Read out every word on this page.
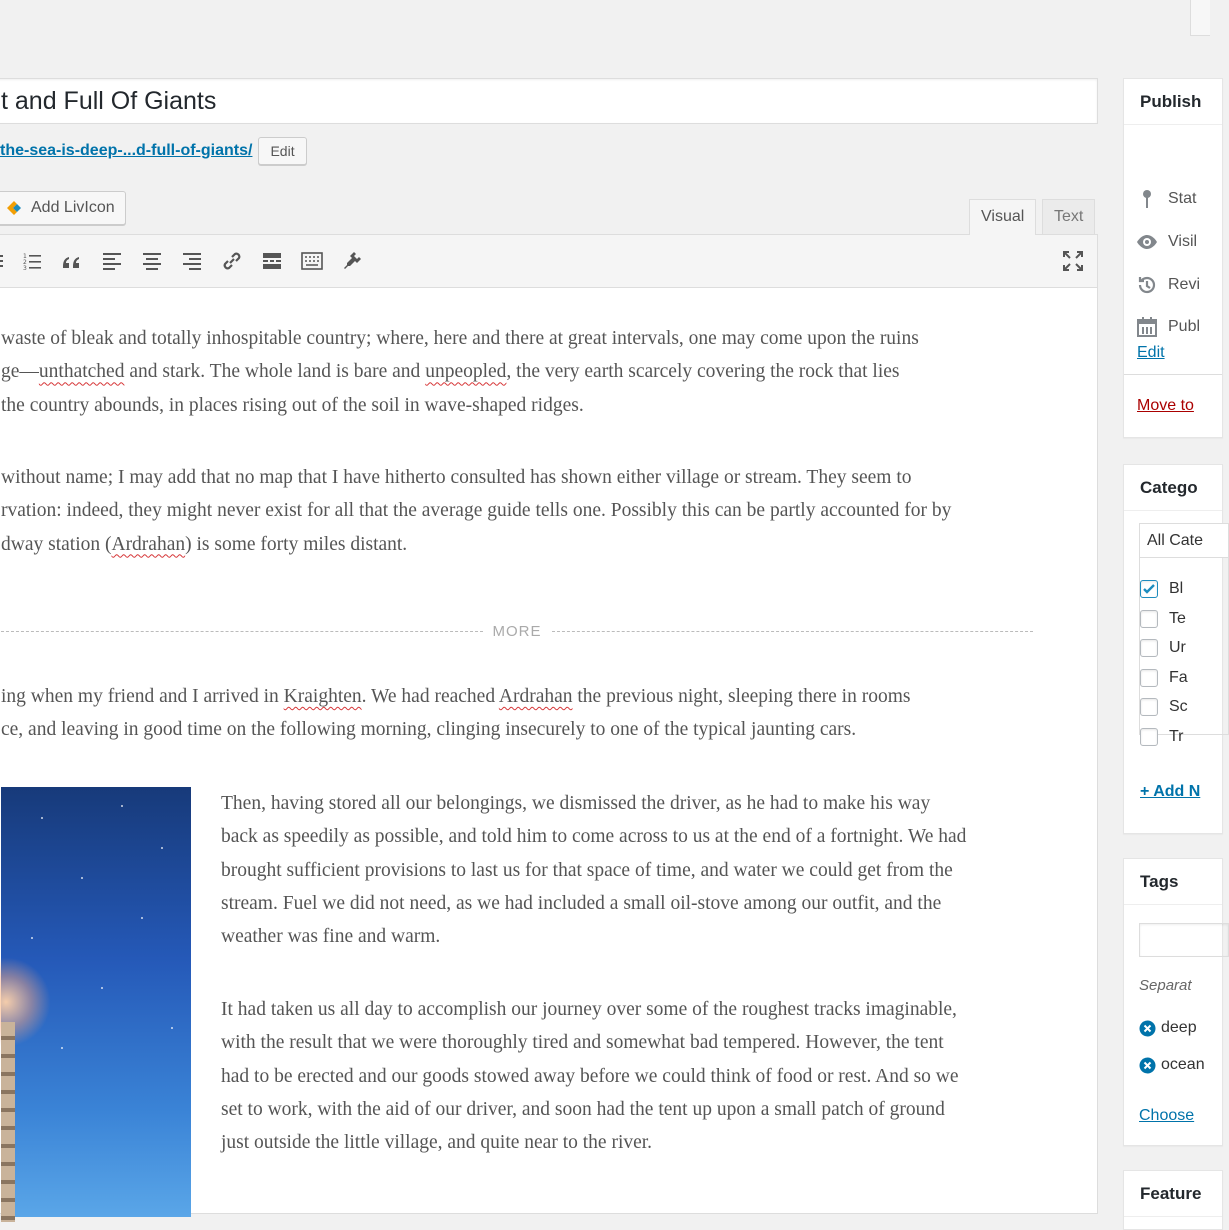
t and Full Of Giants
the-sea-is-deep-...d-full-of-giants/	Edit
Add LivIcon
Visual	Text
1
2
3
waste of bleak and totally inhospitable country; where, here and there at great intervals, one may come upon the ruins
ge—unthatched and stark. The whole land is bare and unpeopled, the very earth scarcely covering the rock that lies
the country abounds, in places rising out of the soil in wave-shaped ridges.
without name; I may add that no map that I have hitherto consulted has shown either village or stream. They seem to
rvation: indeed, they might never exist for all that the average guide tells one. Possibly this can be partly accounted for by
dway station (Ardrahan) is some forty miles distant.
MORE
ing when my friend and I arrived in Kraighten. We had reached Ardrahan the previous night, sleeping there in rooms
ce, and leaving in good time on the following morning, clinging insecurely to one of the typical jaunting cars.
Then, having stored all our belongings, we dismissed the driver, as he had to make his way
back as speedily as possible, and told him to come across to us at the end of a fortnight. We had
brought sufficient provisions to last us for that space of time, and water we could get from the
stream. Fuel we did not need, as we had included a small oil-stove among our outfit, and the
weather was fine and warm.
It had taken us all day to accomplish our journey over some of the roughest tracks imaginable,
with the result that we were thoroughly tired and somewhat bad tempered. However, the tent
had to be erected and our goods stowed away before we could think of food or rest. And so we
set to work, with the aid of our driver, and soon had the tent up upon a small patch of ground
just outside the little village, and quite near to the river.
Publish
Stat
Visil
Revi
Publ
Edit
Move to
Catego
All Cate
Bl
Te
Ur
Fa
Sc
Tr
+ Add N
Tags
Separat
deep
ocean
Choose
Feature
